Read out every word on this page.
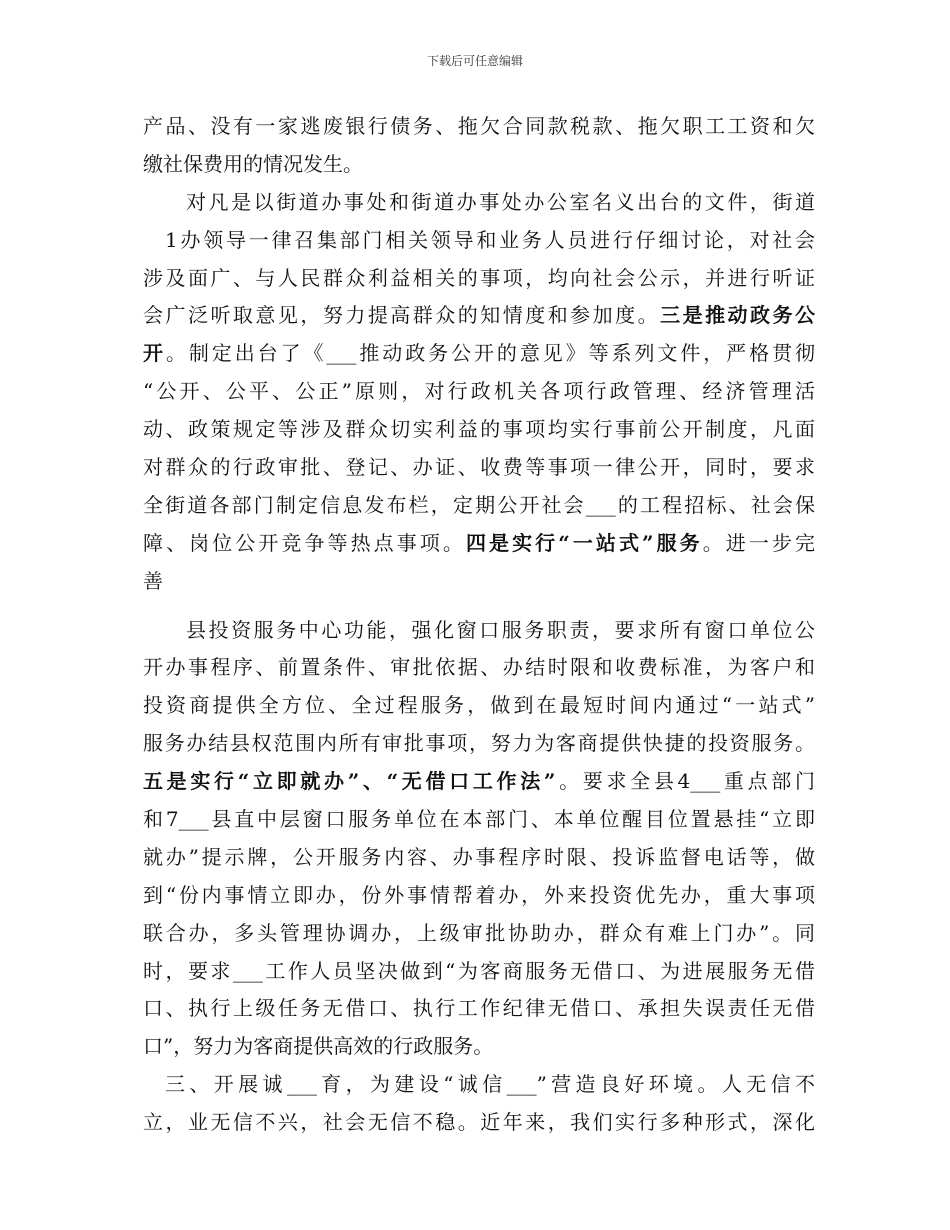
下载后可任意编辑
产品、没有一家逃废银行债务、拖欠合同款税款、拖欠职工工资和欠
缴社保费用的情况发生。
对凡是以街道办事处和街道办事处办公室名义出台的文件，街道
1办领导一律召集部门相关领导和业务人员进行仔细讨论，对社会
涉及面广、与人民群众利益相关的事项，均向社会公示，并进行听证
会广泛听取意见，努力提高群众的知情度和参加度。三是推动政务公
开。制定出台了《___推动政务公开的意见》等系列文件，严格贯彻
“公开、公平、公正”原则，对行政机关各项行政管理、经济管理活
动、政策规定等涉及群众切实利益的事项均实行事前公开制度，凡面
对群众的行政审批、登记、办证、收费等事项一律公开，同时，要求
全街道各部门制定信息发布栏，定期公开社会___的工程招标、社会保
障、岗位公开竞争等热点事项。四是实行“一站式”服务。进一步完
善
县投资服务中心功能，强化窗口服务职责，要求所有窗口单位公
开办事程序、前置条件、审批依据、办结时限和收费标准，为客户和
投资商提供全方位、全过程服务，做到在最短时间内通过“一站式”
服务办结县权范围内所有审批事项，努力为客商提供快捷的投资服务。
五是实行“立即就办”、“无借口工作法”。要求全县4___重点部门
和7___县直中层窗口服务单位在本部门、本单位醒目位置悬挂“立即
就办”提示牌，公开服务内容、办事程序时限、投诉监督电话等，做
到“份内事情立即办，份外事情帮着办，外来投资优先办，重大事项
联合办，多头管理协调办，上级审批协助办，群众有难上门办”。同
时，要求___工作人员坚决做到“为客商服务无借口、为进展服务无借
口、执行上级任务无借口、执行工作纪律无借口、承担失误责任无借
口”，努力为客商提供高效的行政服务。
三、开展诚___育，为建设“诚信___”营造良好环境。人无信不
立，业无信不兴，社会无信不稳。近年来，我们实行多种形式，深化
